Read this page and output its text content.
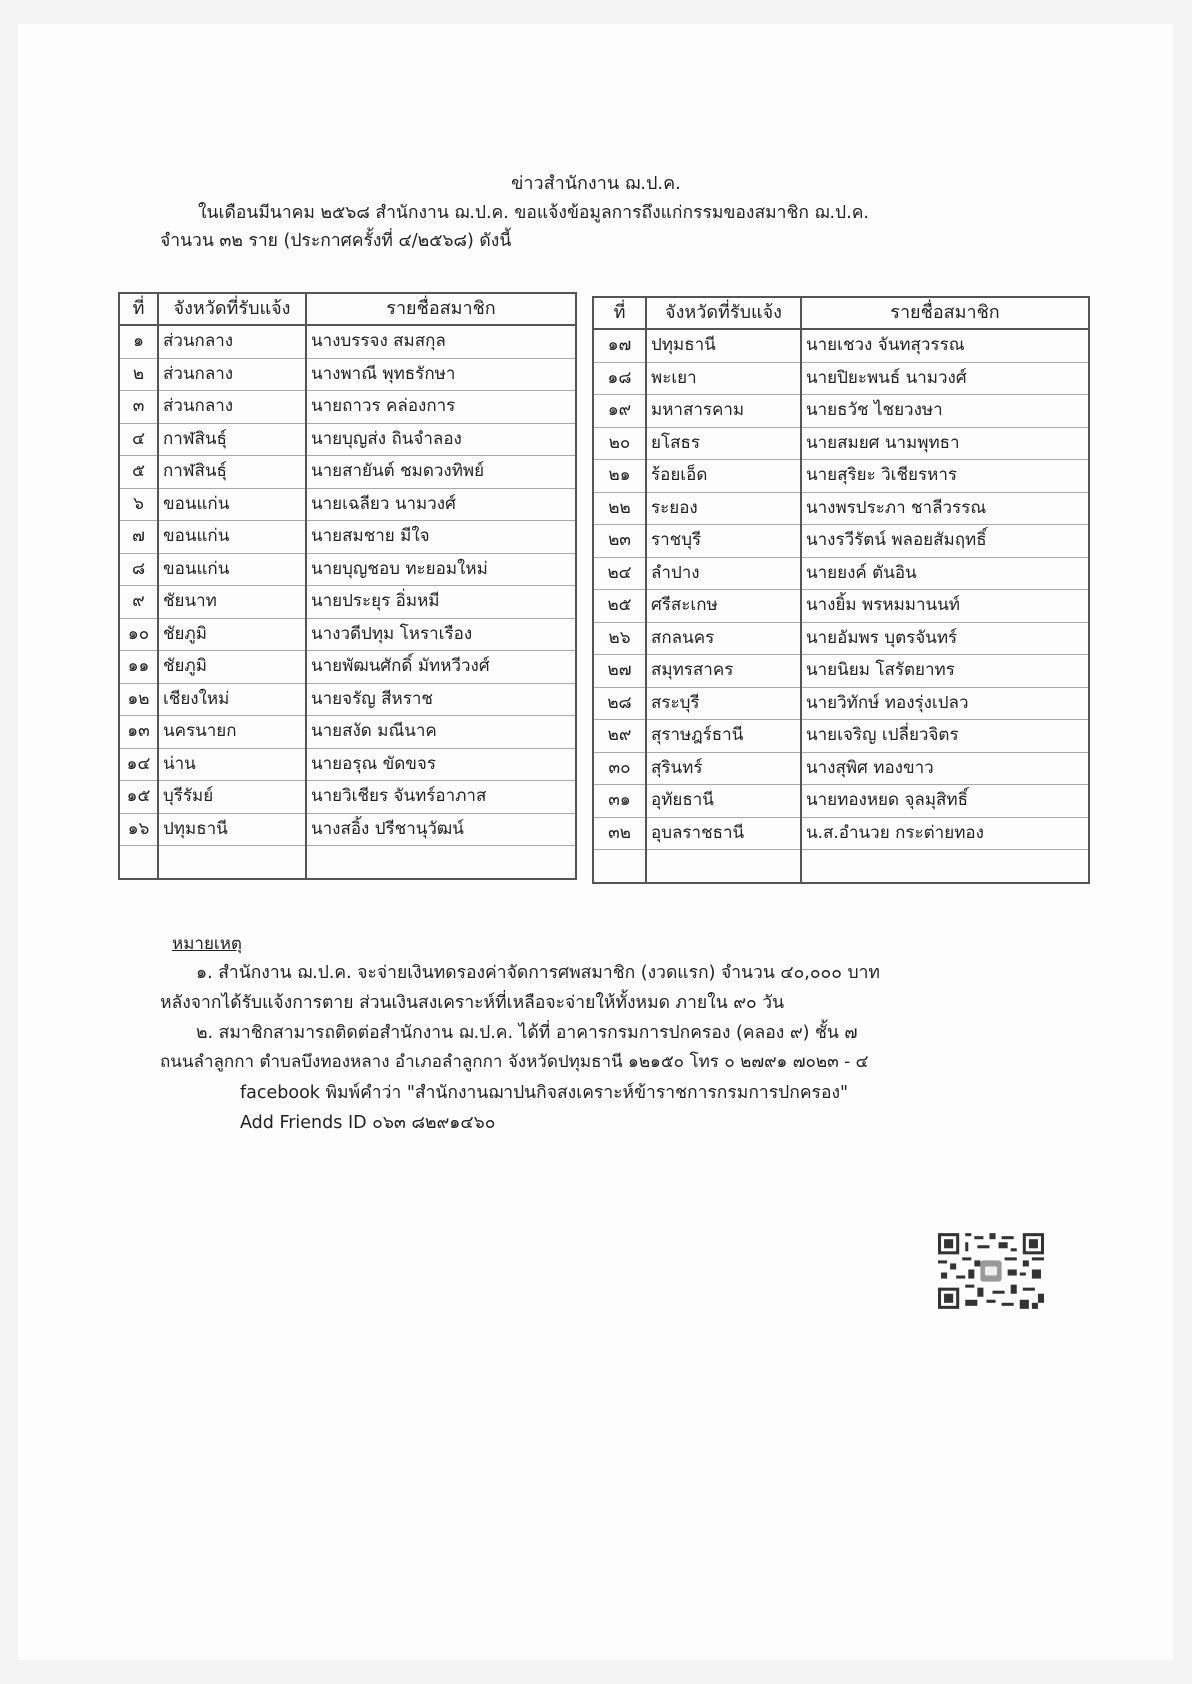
ข่าวสำนักงาน ฌ.ป.ค.
ในเดือนมีนาคม ๒๕๖๘ สำนักงาน ฌ.ป.ค. ขอแจ้งข้อมูลการถึงแก่กรรมของสมาชิก ฌ.ป.ค.
จำนวน ๓๒ ราย (ประกาศครั้งที่ ๔/๒๕๖๘) ดังนี้
ที่	จังหวัดที่รับแจ้ง	รายชื่อสมาชิก
๑	ส่วนกลาง	นางบรรจง สมสกุล
๒	ส่วนกลาง	นางพาณี พุทธรักษา
๓	ส่วนกลาง	นายถาวร คล่องการ
๔	กาฬสินธุ์	นายบุญส่ง ถินจำลอง
๕	กาฬสินธุ์	นายสายันต์ ชมดวงทิพย์
๖	ขอนแก่น	นายเฉลียว นามวงศ์
๗	ขอนแก่น	นายสมชาย มีใจ
๘	ขอนแก่น	นายบุญชอบ ทะยอมใหม่
๙	ชัยนาท	นายประยุร อิ่มหมี
๑๐	ชัยภูมิ	นางวดีปทุม โหราเรือง
๑๑	ชัยภูมิ	นายพัฒนศักดิ์ มัทหวีวงศ์
๑๒	เชียงใหม่	นายจรัญ สีหราช
๑๓	นครนายก	นายสงัด มณีนาค
๑๔	น่าน	นายอรุณ ขัดขจร
๑๕	บุรีรัมย์	นายวิเชียร จันทร์อาภาส
๑๖	ปทุมธานี	นางสอิ้ง ปรีชานุวัฒน์

ที่	จังหวัดที่รับแจ้ง	รายชื่อสมาชิก
๑๗	ปทุมธานี	นายเชวง จันทสุวรรณ
๑๘	พะเยา	นายปิยะพนธ์ นามวงศ์
๑๙	มหาสารคาม	นายธวัช ไชยวงษา
๒๐	ยโสธร	นายสมยศ นามพุทธา
๒๑	ร้อยเอ็ด	นายสุริยะ วิเชียรหาร
๒๒	ระยอง	นางพรประภา ชาลีวรรณ
๒๓	ราชบุรี	นางรวีรัตน์ พลอยสัมฤทธิ์
๒๔	ลำปาง	นายยงค์ ตันอิน
๒๕	ศรีสะเกษ	นางยิ้ม พรหมมานนท์
๒๖	สกลนคร	นายอัมพร บุตรจันทร์
๒๗	สมุทรสาคร	นายนิยม โสรัตยาทร
๒๘	สระบุรี	นายวิทักษ์ ทองรุ่งเปลว
๒๙	สุราษฎร์ธานี	นายเจริญ เปลี่ยวจิตร
๓๐	สุรินทร์	นางสุพิศ ทองขาว
๓๑	อุทัยธานี	นายทองหยด จุลมุสิทธิ์
๓๒	อุบลราชธานี	น.ส.อำนวย กระต่ายทอง

หมายเหตุ
๑. สำนักงาน ฌ.ป.ค. จะจ่ายเงินทดรองค่าจัดการศพสมาชิก (งวดแรก) จำนวน ๔๐,๐๐๐ บาท
หลังจากได้รับแจ้งการตาย ส่วนเงินสงเคราะห์ที่เหลือจะจ่ายให้ทั้งหมด ภายใน ๙๐ วัน
๒. สมาชิกสามารถติดต่อสำนักงาน ฌ.ป.ค. ได้ที่ อาคารกรมการปกครอง (คลอง ๙) ชั้น ๗
ถนนลำลูกกา ตำบลบึงทองหลาง อำเภอลำลูกกา จังหวัดปทุมธานี ๑๒๑๕๐ โทร ๐ ๒๗๙๑ ๗๐๒๓ - ๔
facebook พิมพ์คำว่า "สำนักงานฌาปนกิจสงเคราะห์ข้าราชการกรมการปกครอง"
Add Friends ID ๐๖๓ ๘๒๙๑๔๖๐
